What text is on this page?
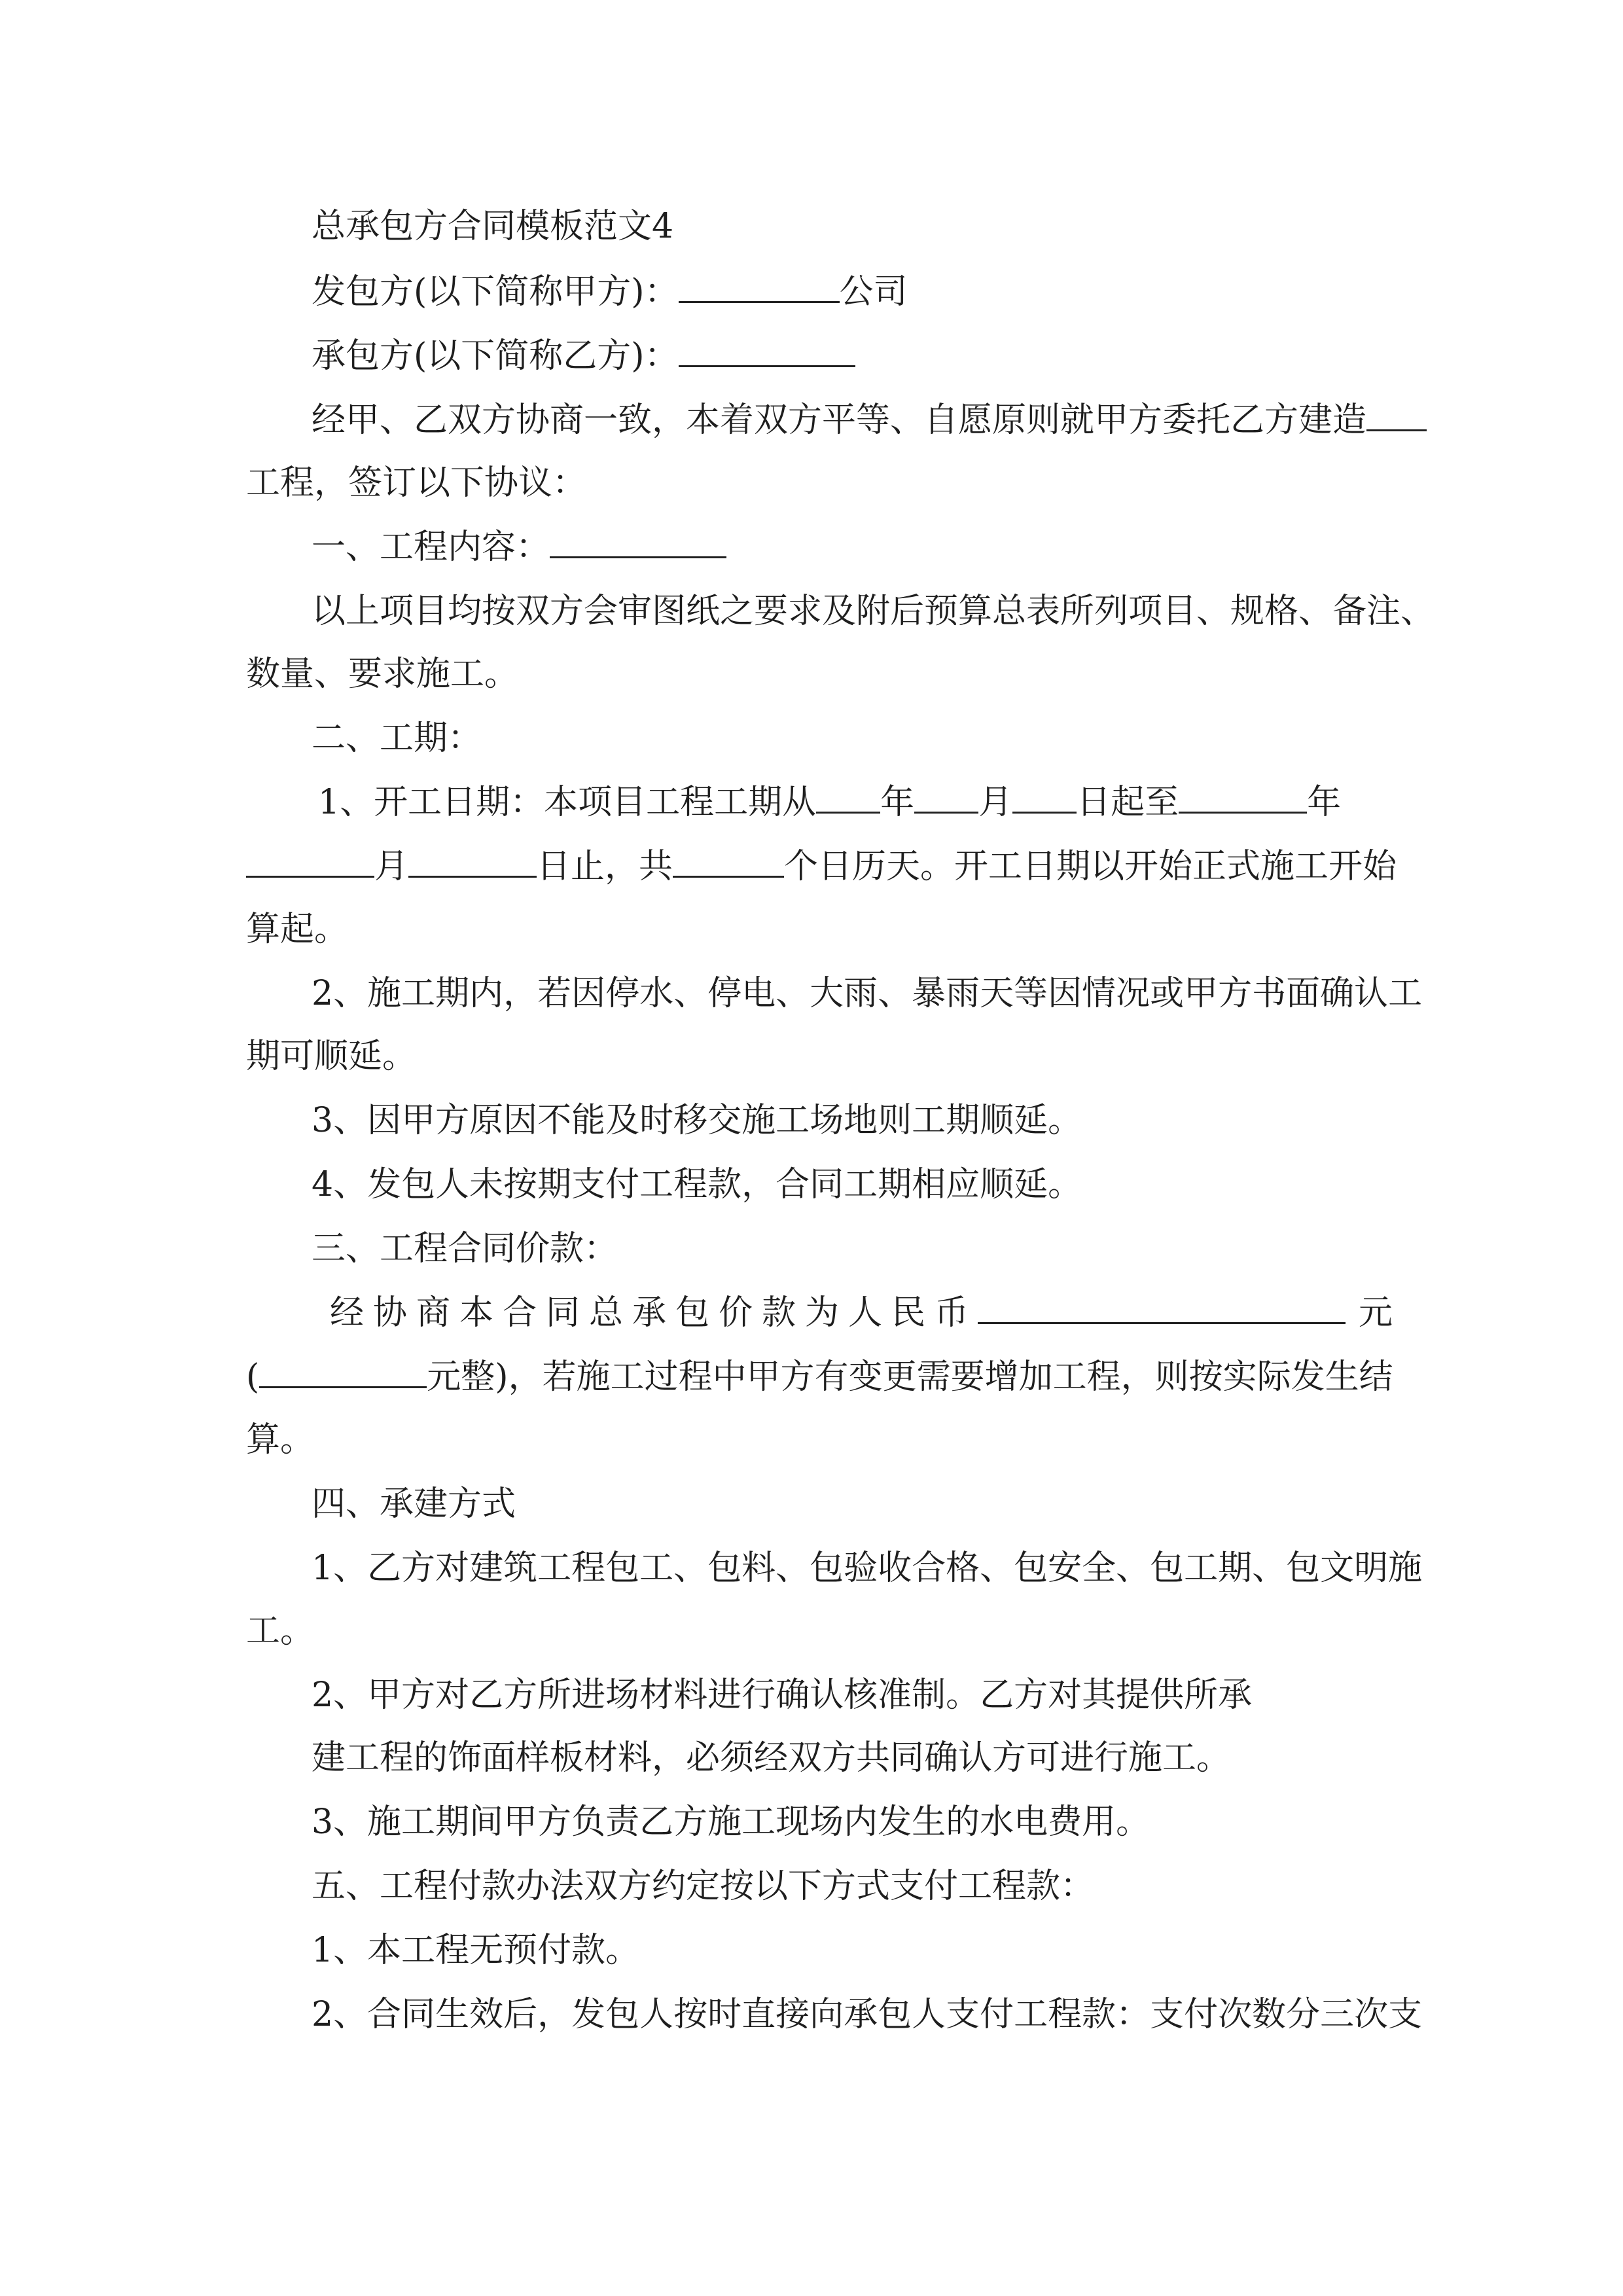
总承包方合同模板范文4
发包方(以下简称甲方)：	公司
承包方(以下简称乙方)：
经甲、乙双方协商一致，本着双方平等、自愿原则就甲方委托乙方建造
工程，签订以下协议：
一、工程内容：
以上项目均按双方会审图纸之要求及附后预算总表所列项目、规格、备注、
数量、要求施工。
二、工期：
1、开工日期：本项目工程工期从 年 月 日起至	年
月	日止，共	个日历天。开工日期以开始正式施工开始
算起。
2、施工期内，若因停水、停电、大雨、暴雨天等因情况或甲方书面确认工
期可顺延。
3、因甲方原因不能及时移交施工场地则工期顺延。
4、发包人未按期支付工程款，合同工期相应顺延。
三、工程合同价款：
经协商本合同总承包价款为人民币	元
(	元整)，若施工过程中甲方有变更需要增加工程，则按实际发生结
算。
四、承建方式
1、乙方对建筑工程包工、包料、包验收合格、包安全、包工期、包文明施
工。
2、甲方对乙方所进场材料进行确认核准制。乙方对其提供所承
建工程的饰面样板材料，必须经双方共同确认方可进行施工。
3、施工期间甲方负责乙方施工现场内发生的水电费用。
五、工程付款办法双方约定按以下方式支付工程款：
1、本工程无预付款。
2、合同生效后，发包人按时直接向承包人支付工程款：支付次数分三次支
